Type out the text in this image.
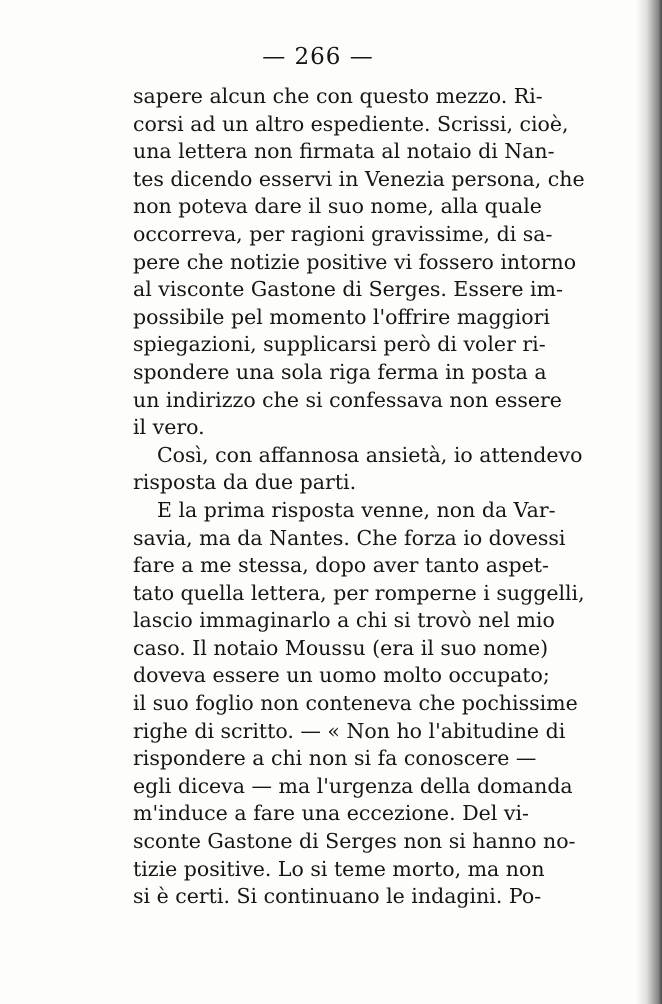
— 266 —
sapere alcun che con questo mezzo. Ri-
corsi ad un altro espediente. Scrissi, cioè,
una lettera non firmata al notaio di Nan-
tes dicendo esservi in Venezia persona, che
non poteva dare il suo nome, alla quale
occorreva, per ragioni gravissime, di sa-
pere che notizie positive vi fossero intorno
al visconte Gastone di Serges. Essere im-
possibile pel momento l'offrire maggiori
spiegazioni, supplicarsi però di voler ri-
spondere una sola riga ferma in posta a
un indirizzo che si confessava non essere
il vero.
Così, con affannosa ansietà, io attendevo
risposta da due parti.
E la prima risposta venne, non da Var-
savia, ma da Nantes. Che forza io dovessi
fare a me stessa, dopo aver tanto aspet-
tato quella lettera, per romperne i suggelli,
lascio immaginarlo a chi si trovò nel mio
caso. Il notaio Moussu (era il suo nome)
doveva essere un uomo molto occupato;
il suo foglio non conteneva che pochissime
righe di scritto. — « Non ho l'abitudine di
rispondere a chi non si fa conoscere —
egli diceva — ma l'urgenza della domanda
m'induce a fare una eccezione. Del vi-
sconte Gastone di Serges non si hanno no-
tizie positive. Lo si teme morto, ma non
si è certi. Si continuano le indagini. Po-
